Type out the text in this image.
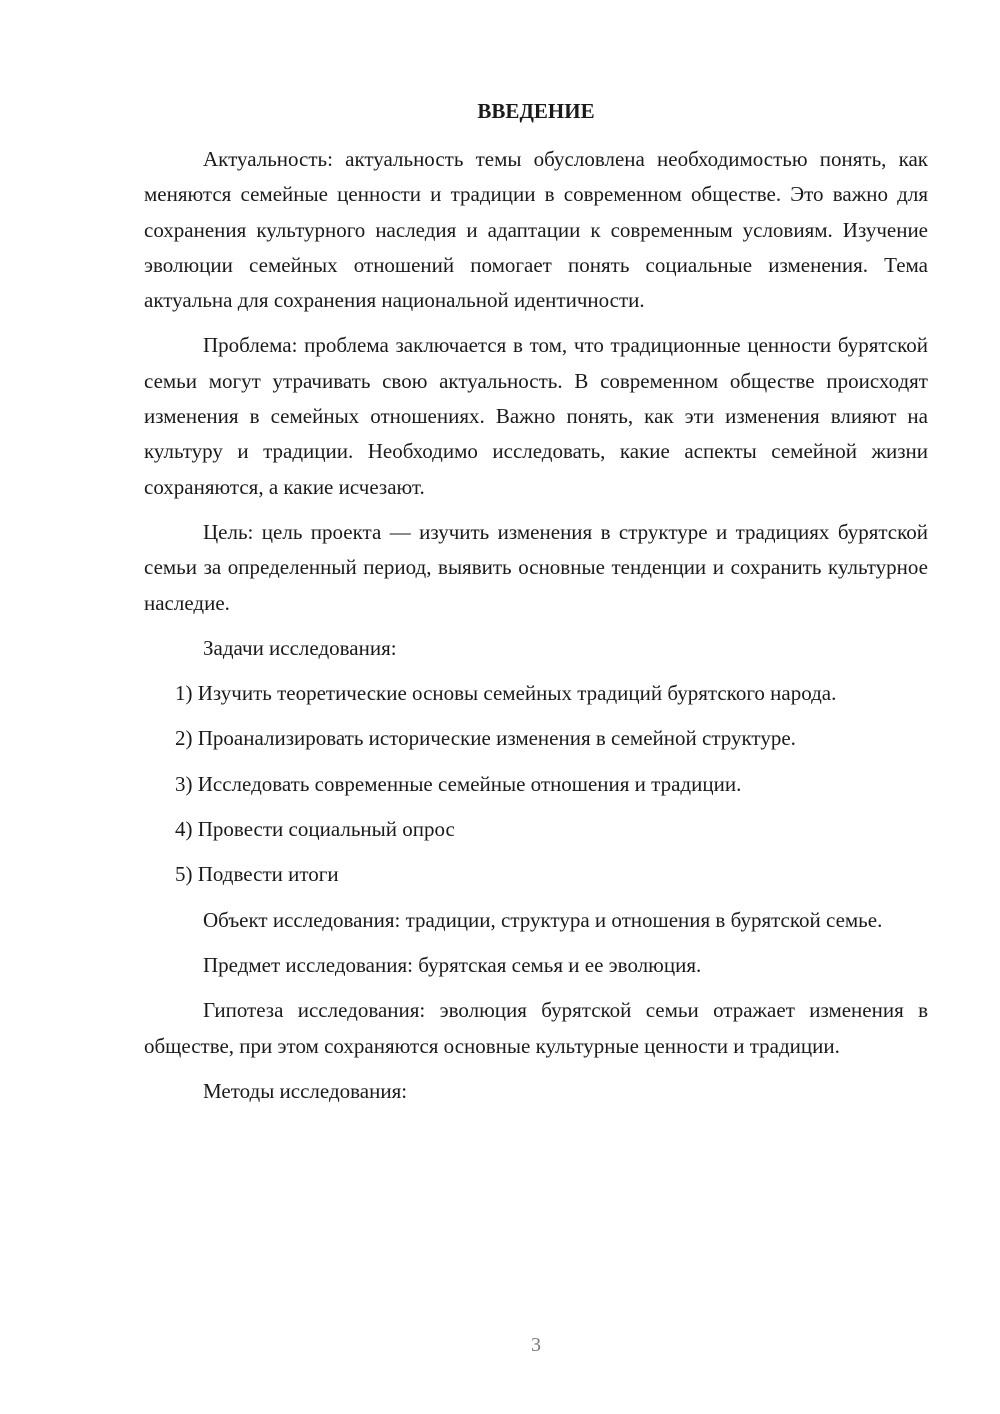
ВВЕДЕНИЕ

Актуальность: актуальность темы обусловлена необходимостью понять, как меняются семейные ценности и традиции в современном обществе. Это важно для сохранения культурного наследия и адаптации к современным условиям. Изучение эволюции семейных отношений помогает понять социальные изменения. Тема актуальна для сохранения национальной идентичности.

Проблема: проблема заключается в том, что традиционные ценности бурятской семьи могут утрачивать свою актуальность. В современном обществе происходят изменения в семейных отношениях. Важно понять, как эти изменения влияют на культуру и традиции. Необходимо исследовать, какие аспекты семейной жизни сохраняются, а какие исчезают.

Цель: цель проекта — изучить изменения в структуре и традициях бурятской семьи за определенный период, выявить основные тенденции и сохранить культурное наследие.

Задачи исследования:

1) Изучить теоретические основы семейных традиций бурятского народа.

2) Проанализировать исторические изменения в семейной структуре.

3) Исследовать современные семейные отношения и традиции.

4) Провести социальный опрос

5) Подвести итоги

Объект исследования: традиции, структура и отношения в бурятской семье.

Предмет исследования: бурятская семья и ее эволюция.

Гипотеза исследования: эволюция бурятской семьи отражает изменения в обществе, при этом сохраняются основные культурные ценности и традиции.

Методы исследования:

3
